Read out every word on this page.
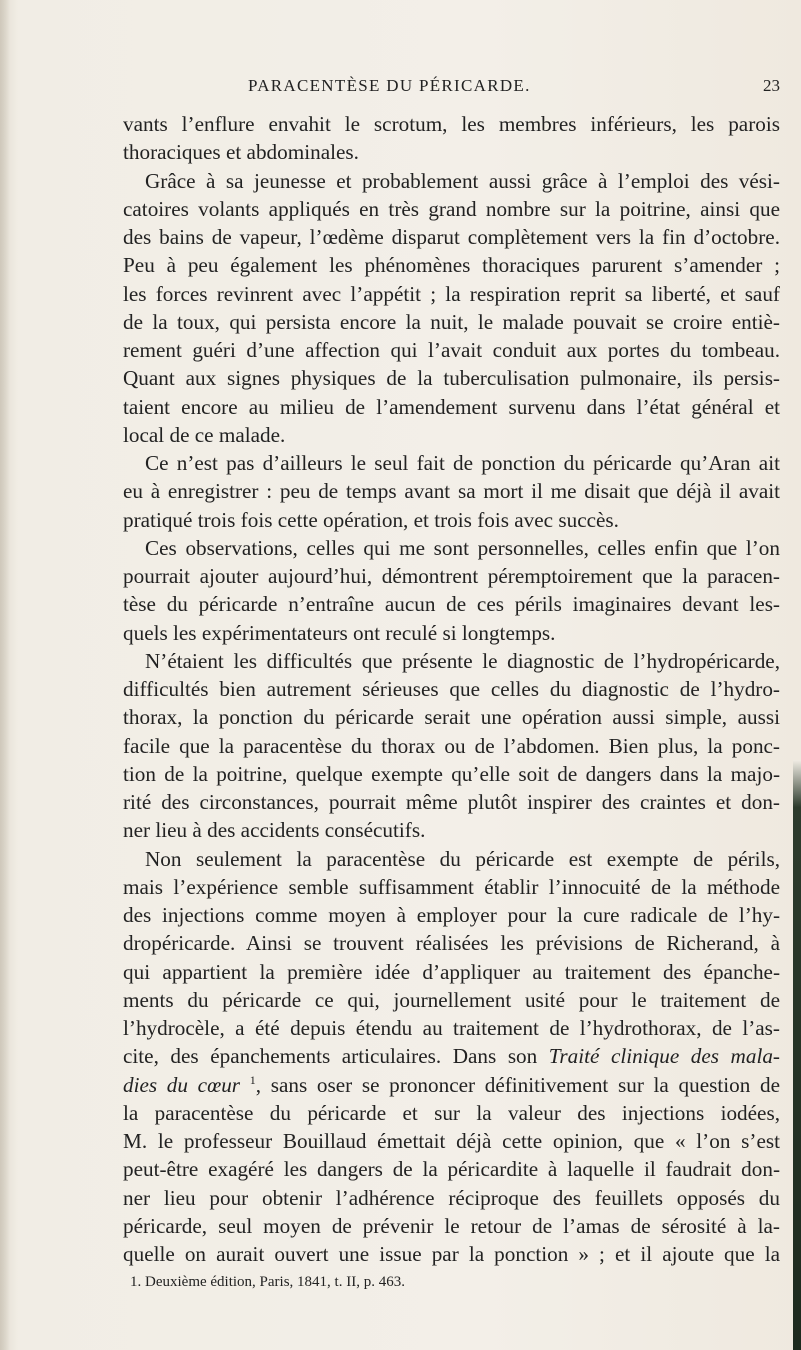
PARACENTÈSE DU PÉRICARDE.	23
vants l’enflure envahit le scrotum, les membres inférieurs, les parois
thoraciques et abdominales.
Grâce à sa jeunesse et probablement aussi grâce à l’emploi des vési-
catoires volants appliqués en très grand nombre sur la poitrine, ainsi que
des bains de vapeur, l’œdème disparut complètement vers la fin d’octobre.
Peu à peu également les phénomènes thoraciques parurent s’amender ;
les forces revinrent avec l’appétit ; la respiration reprit sa liberté, et sauf
de la toux, qui persista encore la nuit, le malade pouvait se croire entiè-
rement guéri d’une affection qui l’avait conduit aux portes du tombeau.
Quant aux signes physiques de la tuberculisation pulmonaire, ils persis-
taient encore au milieu de l’amendement survenu dans l’état général et
local de ce malade.
Ce n’est pas d’ailleurs le seul fait de ponction du péricarde qu’Aran ait
eu à enregistrer : peu de temps avant sa mort il me disait que déjà il avait
pratiqué trois fois cette opération, et trois fois avec succès.
Ces observations, celles qui me sont personnelles, celles enfin que l’on
pourrait ajouter aujourd’hui, démontrent péremptoirement que la paracen-
tèse du péricarde n’entraîne aucun de ces périls imaginaires devant les-
quels les expérimentateurs ont reculé si longtemps.
N’étaient les difficultés que présente le diagnostic de l’hydropéricarde,
difficultés bien autrement sérieuses que celles du diagnostic de l’hydro-
thorax, la ponction du péricarde serait une opération aussi simple, aussi
facile que la paracentèse du thorax ou de l’abdomen. Bien plus, la ponc-
tion de la poitrine, quelque exempte qu’elle soit de dangers dans la majo-
rité des circonstances, pourrait même plutôt inspirer des craintes et don-
ner lieu à des accidents consécutifs.
Non seulement la paracentèse du péricarde est exempte de périls,
mais l’expérience semble suffisamment établir l’innocuité de la méthode
des injections comme moyen à employer pour la cure radicale de l’hy-
dropéricarde. Ainsi se trouvent réalisées les prévisions de Richerand, à
qui appartient la première idée d’appliquer au traitement des épanche-
ments du péricarde ce qui, journellement usité pour le traitement de
l’hydrocèle, a été depuis étendu au traitement de l’hydrothorax, de l’as-
cite, des épanchements articulaires. Dans son Traité clinique des mala-
dies du cœur $^1$, sans oser se prononcer définitivement sur la question de
la paracentèse du péricarde et sur la valeur des injections iodées,
M. le professeur Bouillaud émettait déjà cette opinion, que « l’on s’est
peut-être exagéré les dangers de la péricardite à laquelle il faudrait don-
ner lieu pour obtenir l’adhérence réciproque des feuillets opposés du
péricarde, seul moyen de prévenir le retour de l’amas de sérosité à la-
quelle on aurait ouvert une issue par la ponction » ; et il ajoute que la
1. Deuxième édition, Paris, 1841, t. II, p. 463.
